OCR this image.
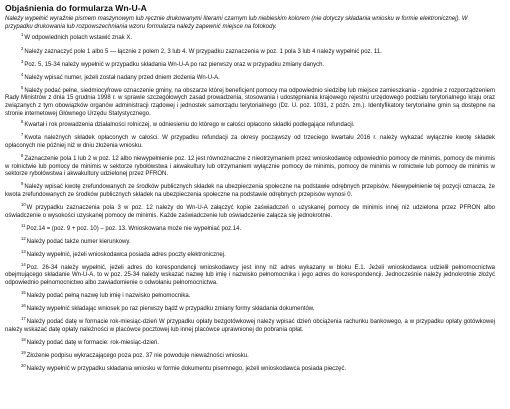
Objaśnienia do formularza Wn-U-A
Należy wypełnić wyraźnie pismem maszynowym lub ręcznie drukowanymi literami czarnym lub niebieskim kolorem (nie dotyczy składania wniosku w formie elektronicznej). W przypadku drukowania lub rozpowszechniania wzoru formularza należy zapewnić miejsce na fotokody.

$^1$W odpowiednich polach wstawić znak X.

$^2$Należy zaznaczyć pole 1 albo 5 — łącznie z polem 2, 3 lub 4. W przypadku zaznaczenia w poz. 1 pola 3 lub 4 należy wypełnić poz. 11.

$^3$Poz. 5, 15-34 należy wypełnić w przypadku składania Wn-U-A po raz pierwszy oraz w przypadku zmiany danych.

$^4$Należy wpisać numer, jeżeli został nadany przed dniem złożenia Wn-U-A.

$^5$Należy podać pełne, siedmiocyfrowe oznaczenie gminy, na obszarze której beneficjent pomocy ma odpowiednio siedzibę lub miejsce zamieszkania - zgodnie z rozporządzeniem Rady Ministrów z dnia 15 grudnia 1998 r. w sprawie szczegółowych zasad prowadzenia, stosowania i udostępniania krajowego rejestru urzędowego podziału terytorialnego kraju oraz związanych z tym obowiązków organów administracji rządowej i jednostek samorządu terytorialnego (Dz. U. poz. 1031, z późn. zm.). Identyfikatory terytorialne gmin są dostępne na stronie internetowej Głównego Urzędu Statystycznego.

$^6$Kwartał i rok prowadzenia działalności rolniczej, w odniesieniu do którego w całości opłacono składki podlegające refundacji.

$^7$Kwota należnych składek opłaconych w całości. W przypadku refundacji za okresy począwszy od trzeciego kwartału 2016 r. należy wykazać wyłącznie kwotę składek opłaconych nie później niż w dniu złożenia wniosku.

$^8$Zaznaczenie pola 1 lub 2 w poz. 12 albo niewypełnienie poz. 12 jest równoznaczne z nieotrzymaniem przez wnioskodawcę odpowiednio pomocy de minimis, pomocy de minimis w rolnictwie lub pomocy de minimis w sektorze rybołówstwa i akwakultury lub otrzymaniem wyłącznie pomocy de minimis, pomocy de minimis w rolnictwie lub pomocy de minimis w sektorze rybołówstwa i akwakultury udzielonej przez PFRON.

$^9$Należy wpisać kwotę zrefundowanych ze środków publicznych składek na ubezpieczenia społeczne na podstawie odrębnych przepisów. Niewypełnienie tej pozycji oznacza, że kwota zrefundowanych ze środków publicznych składek na ubezpieczenia społeczne na podstawie odrębnych przepisów wynosi 0.

$^{10}$W przypadku zaznaczenia pola 3 w poz. 12 należy do Wn-U-A załączyć kopie zaświadczeń o uzyskanej pomocy de minimis innej niż udzielona przez PFRON albo oświadczenie o wysokości uzyskanej pomocy de minimis. Każde zaświadczenie lub oświadczenie załącza się jednokrotnie.

$^{11}$Poz.14 = (poz. 9 + poz. 10) – poz. 13. Wnioskowana może nie wypełniać poz.14.

$^{12}$Należy podać także numer kierunkowy.

$^{13}$Należy wypełnić, jeżeli wnioskodawca posiada adres poczty elektronicznej.

$^{14}$Poz. 26-34 należy wypełnić, jeżeli adres do korespondencji wnioskodawcy jest inny niż adres wykazany w bloku E.1. Jeżeli wnioskodawca udzielił pełnomocnictwa obejmującego składanie Wn-U-A, to w poz. 25-34 należy wskazać nazwę lub imię i nazwisko pełnomocnika i jego adres do korespondencji. Jednocześnie należy jednokrotnie złożyć odpowiednio pełnomocnictwo albo zawiadomienie o odwołaniu pełnomocnictwa.

$^{15}$Należy podać pełną nazwę lub imię i nazwisko pełnomocnika.

$^{16}$Należy wypełnić składając wniosek po raz pierwszy bądź w przypadku zmiany formy składania dokumentów.

$^{17}$Należy podać datę w formacie rok-miesiąc-dzień W przypadku opłaty bezgotówkowej należy wpisać dzień obciążenia rachunku bankowego, a w przypadku opłaty gotówkowej należy wskazać datę opłaty należności w placówce pocztowej lub innej placówce uprawnionej do pobrania opłat.

$^{18}$Należy podać datę w formacie: rok-miesiąc-dzień.

$^{19}$Złożenie podpisu wykraczającego poza poz. 37 nie powoduje nieważności wniosku.

$^{20}$Należy wypełnić w przypadku składania wniosku w formie dokumentu pisemnego, jeżeli wnioskodawca posiada pieczęć.
